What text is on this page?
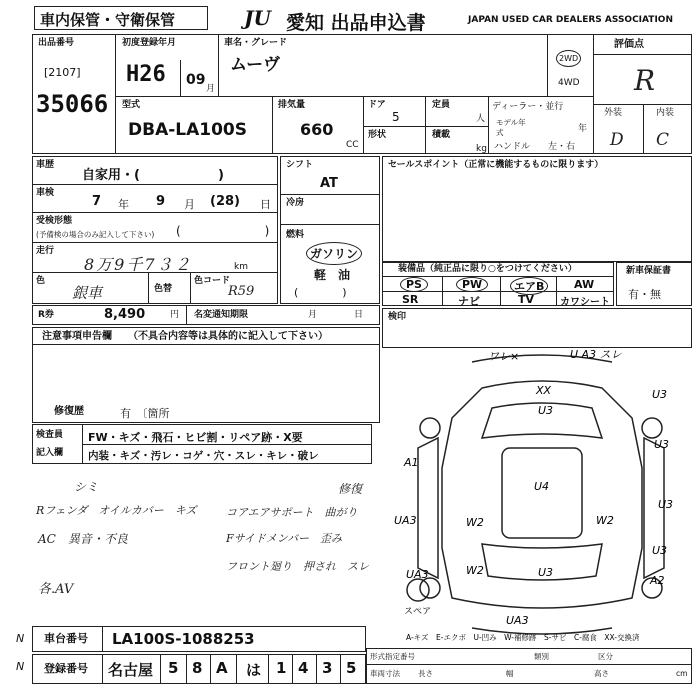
車内保管・守衛保管	JU 愛知 出品申込書	JAPAN USED CAR DEALERS ASSOCIATION
出品番号
[2107]
35066
初度登録年月
H26 09
月
車名・グレード
ムーヴ	2WD
4WD
評価点
R
外装	内装
D C
型式
DBA-LA100S
排気量
660
CC
ドア
5
形状
定員
人
積載
kg
ディーラー・並行
モデル年式	年
ハンドル 左・右
車歴
自家用・(　　　　　　)
車検
7 年 9 月 (28) 日
受検形態
(予備検の場合のみ記入して下さい) (　　　　　　　)
走行
8万9千7３２	km
色
銀車	色替
色コード
R59
シフト
AT
冷房
燃料
ガソリン
軽　油
(　　　　)
セールスポイント（正常に機能するものに限ります）
装備品（純正品に限り○をつけてください）
PS	PW	エアB	AW
SR	ナビ	TV	カワシート
新車保証書
有・無
R券	8,490	円 名変通知期限	月	日	検印
注意事項申告欄 （不具合内容等は具体的に記入して下さい）
修復歴	有　〔箇所
検査員
記入欄
FW・キズ・飛石・ヒビ割・リペア跡・X要
内装・キズ・汚レ・コゲ・穴・スレ・キレ・破レ
シミ	修復
Rフェンダ　オイルカバー　キズ	コアエアサポート　曲がり
AC　異音・不良	Fサイドメンバー　歪み
フロント廻り　押され　スレ
各.AV
ワレ×	U A3 スレ
XX
U3
U3
U3
A1
U4
U3
UA3	W2
W2
W2
U3
UA3
U3
A2
UA3
スペア
A-キズ　E-エクボ　U-凹み　W-補修跡　S-サビ　C-腐食　XX-交換済
車台番号 LA100S-1088253
登録番号 名古屋 5 8 A は 1 4 3 5
形式指定番号	類別	区分
車両寸法 長さ	幅	高さ	cm
N
N
